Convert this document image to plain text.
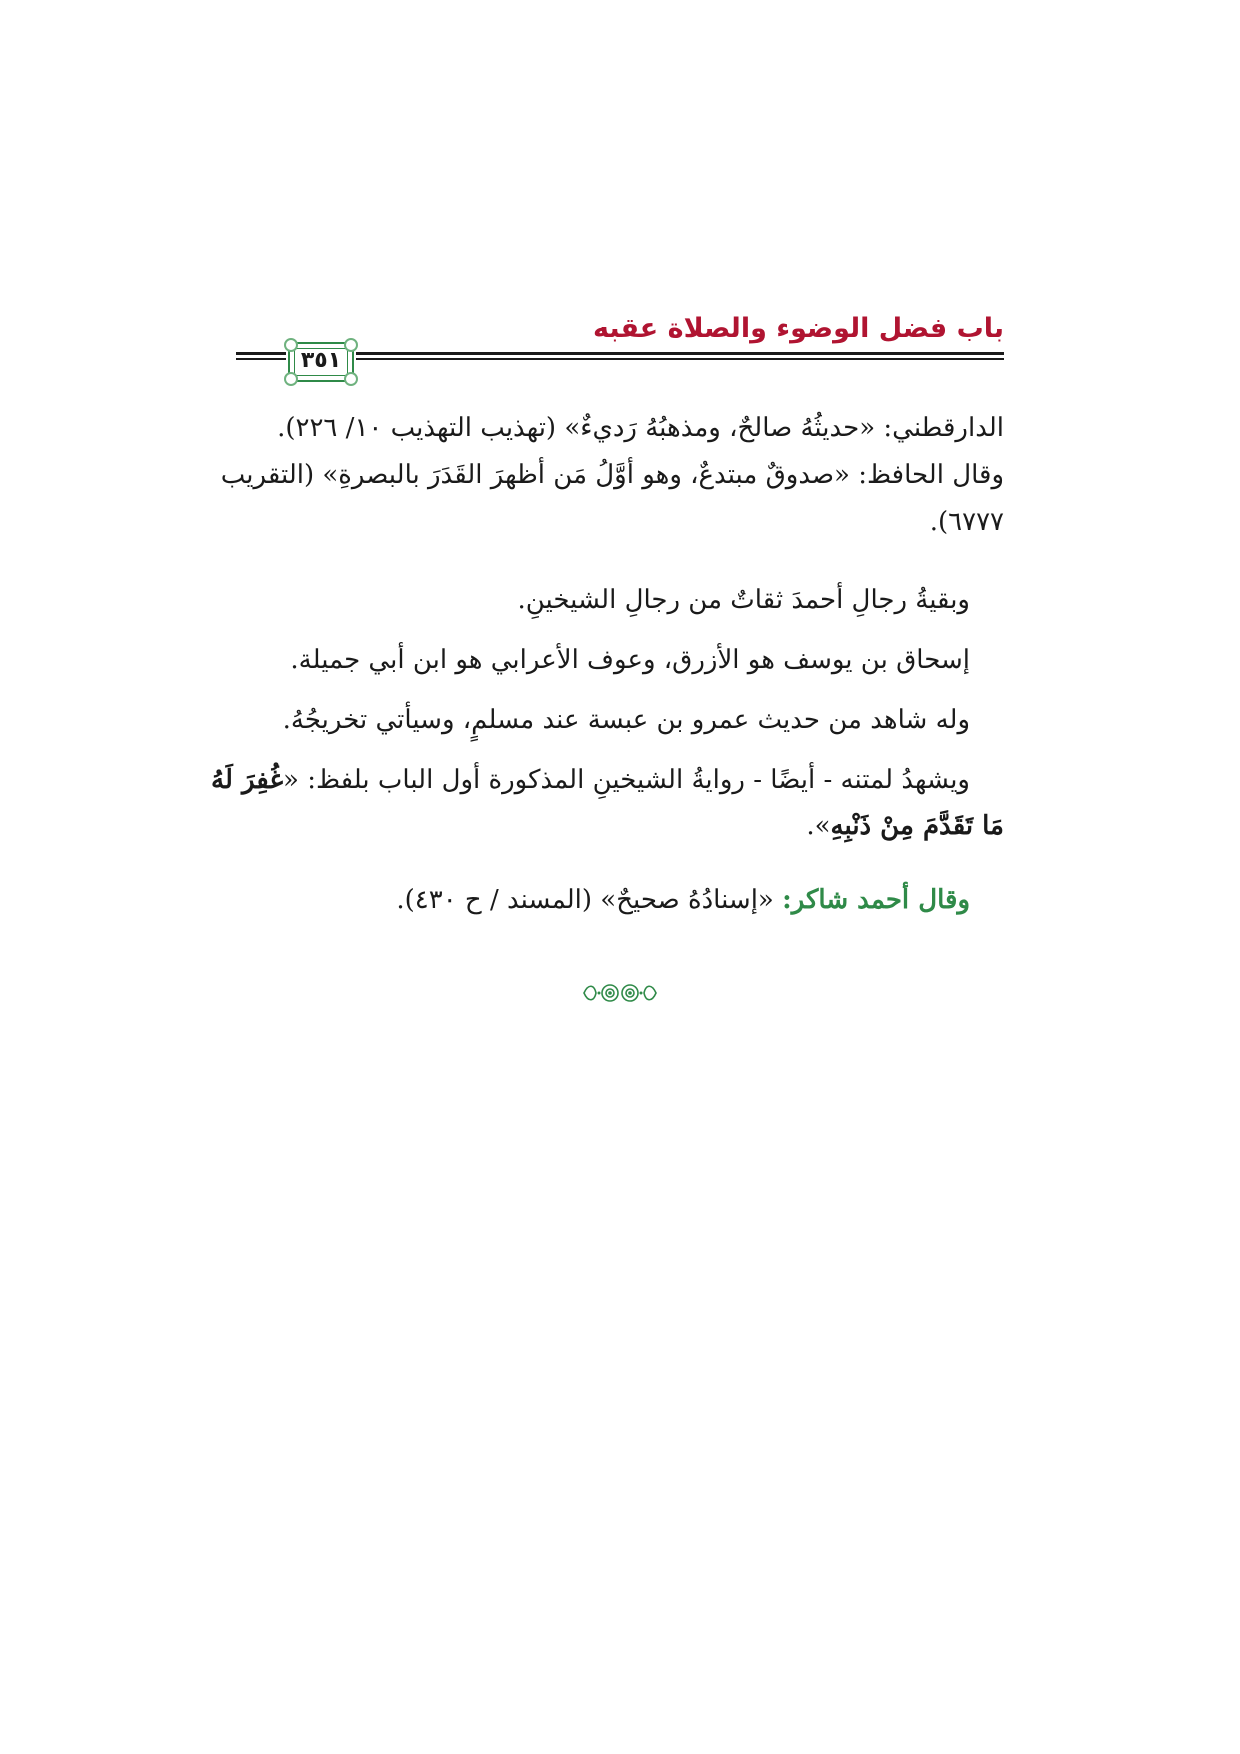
باب فضل الوضوء والصلاة عقبه
٣٥١
الدارقطني: «حديثُهُ صالحٌ، ومذهبُهُ رَديءٌ» (تهذيب التهذيب ١٠/ ٢٢٦).
وقال الحافظ: «صدوقٌ مبتدعٌ، وهو أوَّلُ مَن أظهرَ القَدَرَ بالبصرةِ» (التقريب
٦٧٧٧).
وبقيةُ رجالِ أحمدَ ثقاتٌ من رجالِ الشيخينِ.
إسحاق بن يوسف هو الأزرق، وعوف الأعرابي هو ابن أبي جميلة.
وله شاهد من حديث عمرو بن عبسة عند مسلمٍ، وسيأتي تخريجُهُ.
ويشهدُ لمتنه - أيضًا - روايةُ الشيخينِ المذكورة أول الباب بلفظ: «غُفِرَ لَهُ
مَا تَقَدَّمَ مِنْ ذَنْبِهِ».
وقال أحمد شاكر: «إسنادُهُ صحيحٌ» (المسند / ح ٤٣٠).
